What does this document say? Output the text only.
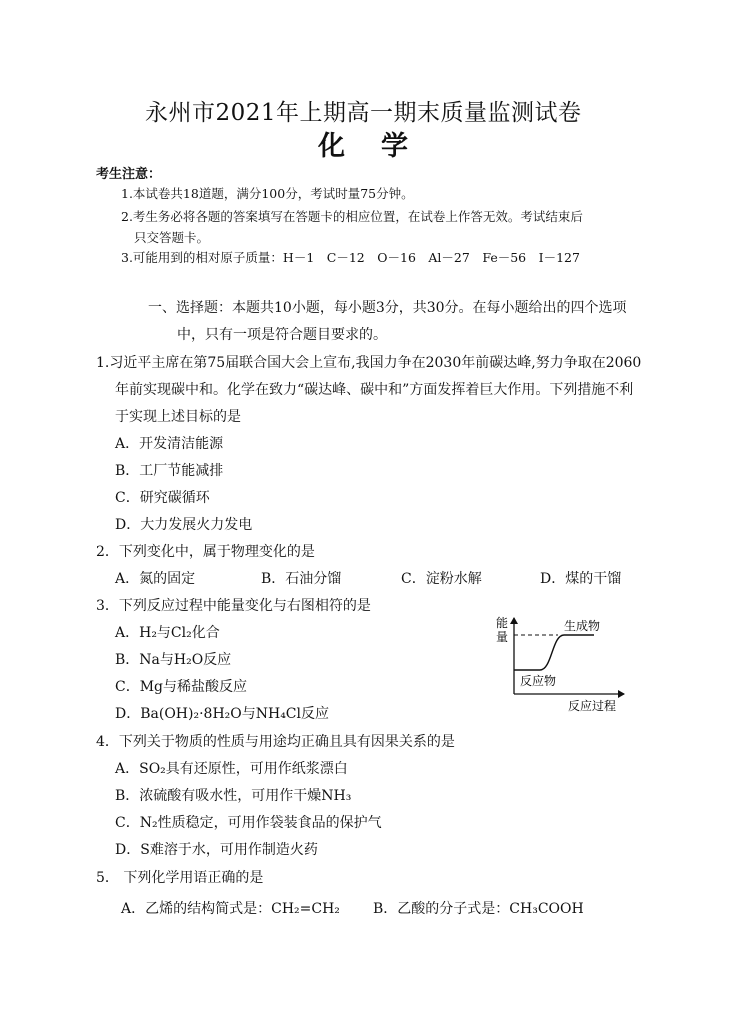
永州市2021年上期高一期末质量监测试卷
化学
考生注意：
1.本试卷共18道题，满分100分，考试时量75分钟。
2.考生务必将各题的答案填写在答题卡的相应位置，在试卷上作答无效。考试结束后
只交答题卡。
3.可能用到的相对原子质量：H－1　C－12　O－16　Al－27　Fe－56　I－127
一、选择题：本题共10小题，每小题3分，共30分。在每小题给出的四个选项
中，只有一项是符合题目要求的。
1.习近平主席在第75届联合国大会上宣布,我国力争在2030年前碳达峰,努力争取在2060
年前实现碳中和。化学在致力“碳达峰、碳中和”方面发挥着巨大作用。下列措施不利
于实现上述目标的是
A．开发清洁能源
B．工厂节能减排
C．研究碳循环
D．大力发展火力发电
2．下列变化中，属于物理变化的是
A．氮的固定	B．石油分馏	C．淀粉水解	D．煤的干馏
3．下列反应过程中能量变化与右图相符的是
A．H₂与Cl₂化合
B．Na与H₂O反应
C．Mg与稀盐酸反应
D．Ba(OH)₂·8H₂O与NH₄Cl反应
能
量
生成物
反应物
反应过程
4．下列关于物质的性质与用途均正确且具有因果关系的是
A．SO₂具有还原性，可用作纸浆漂白
B．浓硫酸有吸水性，可用作干燥NH₃
C．N₂性质稳定，可用作袋装食品的保护气
D．S难溶于水，可用作制造火药
5． 下列化学用语正确的是
A．乙烯的结构简式是：CH₂=CH₂ B．乙酸的分子式是：CH₃COOH
